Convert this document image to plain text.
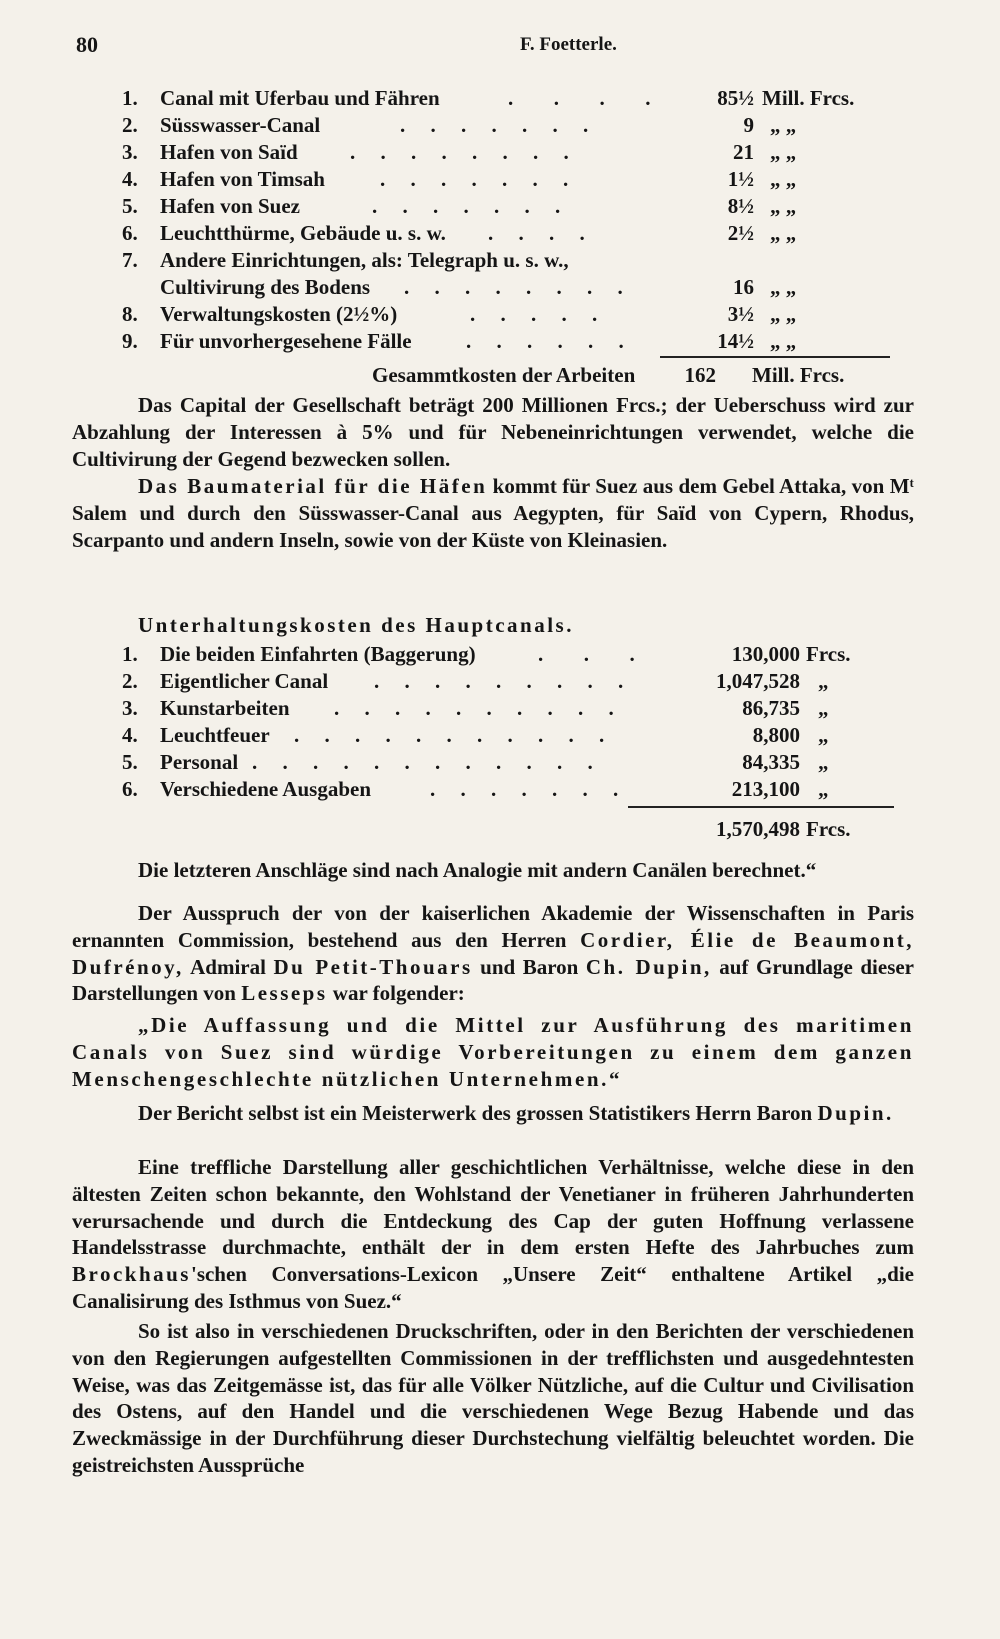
80	F. Foetterle.
1.	Canal mit Uferbau und Fähren	.  .  .  .	85½ Mill. Frcs.
2.	Süsswasser-Canal	. . . . . . .	9 „ „
3.	Hafen von Saïd . . . . . . . .	21 „ „
4.	Hafen von Timsah	. . . . . . .	1½ „ „
5.	Hafen von Suez	. . . . . . .	8½ „ „
6.	Leuchtthürme, Gebäude u. s. w. . . . .	2½ „ „
7.	Andere Einrichtungen, als: Telegraph u. s. w.,
Cultivirung des Bodens . . . . . . . .	16 „ „
8.	Verwaltungskosten (2½%)	. . . . .	3½ „ „
9.	Für unvorhergesehene Fälle	. . . . . .	14½ „ „
Gesammtkosten der Arbeiten	162 Mill. Frcs.

Das Capital der Gesellschaft beträgt 200 Millionen Frcs.; der Ueberschuss wird zur Abzahlung der Interessen à 5% und für Nebeneinrichtungen verwendet, welche die Cultivirung der Gegend bezwecken sollen.

Das Baumaterial für die Häfen kommt für Suez aus dem Gebel Attaka, von Mᵗ Salem und durch den Süsswasser-Canal aus Aegypten, für Saïd von Cypern, Rhodus, Scarpanto und andern Inseln, sowie von der Küste von Kleinasien.

Unterhaltungskosten des Hauptcanals.
1.	Die beiden Einfahrten (Baggerung)	.  .  .	130,000 Frcs.
2.	Eigentlicher Canal . . . . . . . . .	1,047,528 „
3.	Kunstarbeiten . . . . . . . . . .	86,735 „
4.	Leuchtfeuer . . . . . . . . . . .	8,800 „
5.	Personal . . . . . . . . . . . .	84,335 „
6.	Verschiedene Ausgaben	. . . . . . .	213,100 „
1,570,498 Frcs.

Die letzteren Anschläge sind nach Analogie mit andern Canälen berechnet.“

Der Ausspruch der von der kaiserlichen Akademie der Wissenschaften in Paris ernannten Commission, bestehend aus den Herren Cordier, Élie de Beaumont, Dufrénoy, Admiral Du Petit-Thouars und Baron Ch. Dupin, auf Grundlage dieser Darstellungen von Lesseps war folgender:

„Die Auffassung und die Mittel zur Ausführung des maritimen Canals von Suez sind würdige Vorbereitungen zu einem dem ganzen Menschengeschlechte nützlichen Unternehmen.“

Der Bericht selbst ist ein Meisterwerk des grossen Statistikers Herrn Baron Dupin.

Eine treffliche Darstellung aller geschichtlichen Verhältnisse, welche diese in den ältesten Zeiten schon bekannte, den Wohlstand der Venetianer in früheren Jahrhunderten verursachende und durch die Entdeckung des Cap der guten Hoffnung verlassene Handelsstrasse durchmachte, enthält der in dem ersten Hefte des Jahrbuches zum Brockhaus'schen Conversations-Lexicon „Unsere Zeit“ enthaltene Artikel „die Canalisirung des Isthmus von Suez.“

So ist also in verschiedenen Druckschriften, oder in den Berichten der verschiedenen von den Regierungen aufgestellten Commissionen in der trefflichsten und ausgedehntesten Weise, was das Zeitgemässe ist, das für alle Völker Nützliche, auf die Cultur und Civilisation des Ostens, auf den Handel und die verschiedenen Wege Bezug Habende und das Zweckmässige in der Durchführung dieser Durchstechung vielfältig beleuchtet worden. Die geistreichsten Aussprüche
